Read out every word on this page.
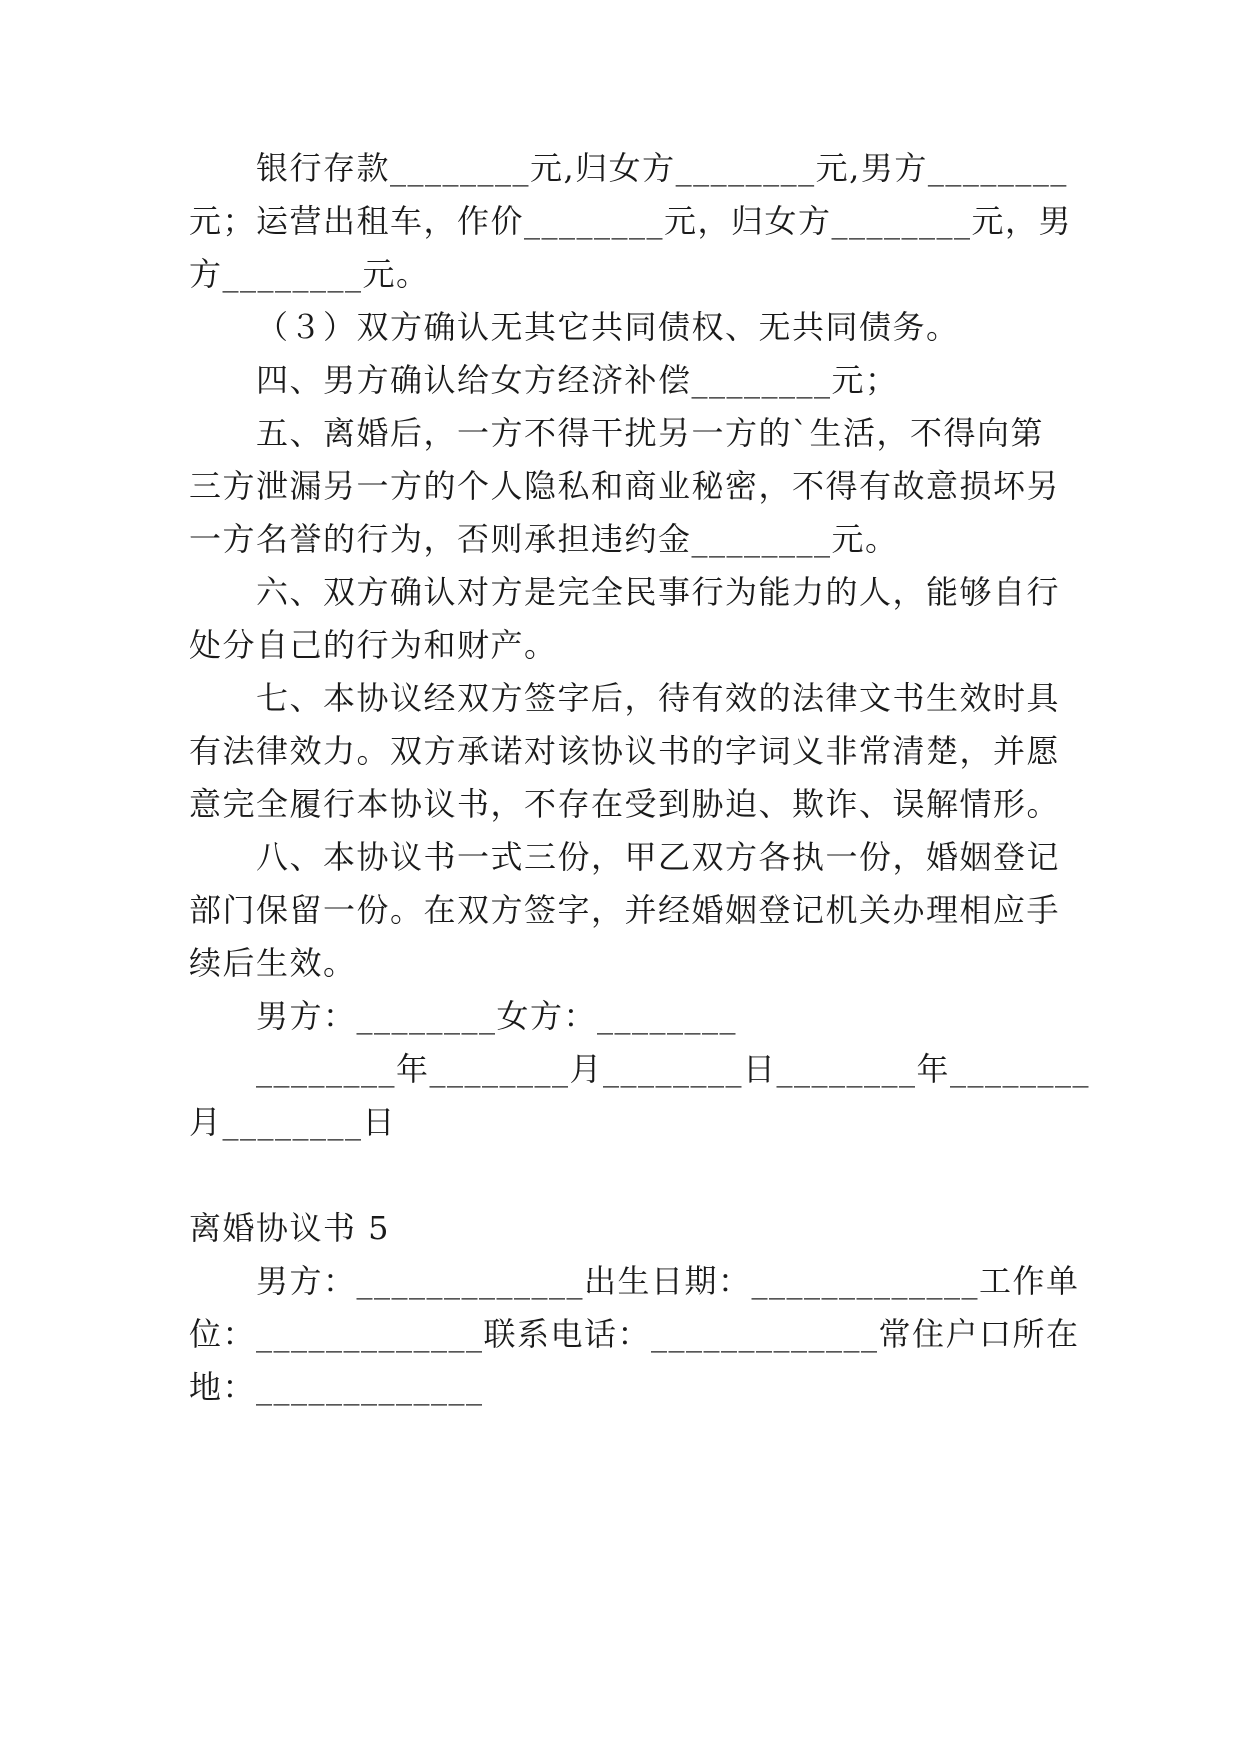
银行存款________元,归女方________元,男方________
元；运营出租车，作价________元，归女方________元，男
方________元。
（３）双方确认无其它共同债权、无共同债务。
四、男方确认给女方经济补偿________元；
五、离婚后，一方不得干扰另一方的`生活，不得向第
三方泄漏另一方的个人隐私和商业秘密，不得有故意损坏另
一方名誉的行为，否则承担违约金________元。
六、双方确认对方是完全民事行为能力的人，能够自行
处分自己的行为和财产。
七、本协议经双方签字后，待有效的法律文书生效时具
有法律效力。双方承诺对该协议书的字词义非常清楚，并愿
意完全履行本协议书，不存在受到胁迫、欺诈、误解情形。
八、本协议书一式三份，甲乙双方各执一份，婚姻登记
部门保留一份。在双方签字，并经婚姻登记机关办理相应手
续后生效。
男方：________女方：________
________年________月________日________年________
月________日
离婚协议书 5
男方：_____________出生日期：_____________工作单
位：_____________联系电话：_____________常住户口所在
地：_____________
